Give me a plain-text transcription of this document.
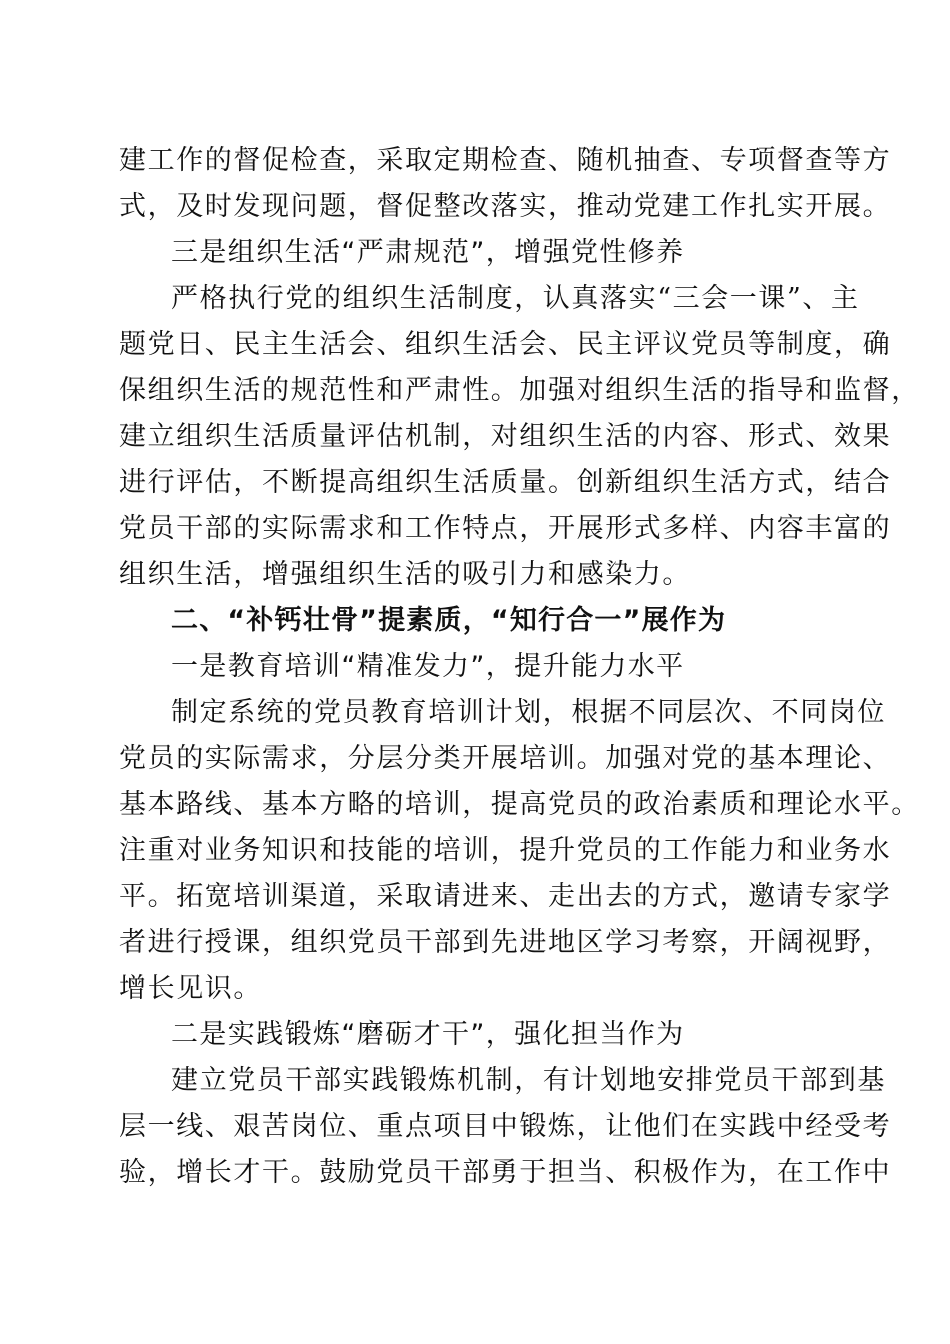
建工作的督促检查，采取定期检查、随机抽查、专项督查等方
式，及时发现问题，督促整改落实，推动党建工作扎实开展。
三是组织生活“严肃规范”，增强党性修养
严格执行党的组织生活制度，认真落实“三会一课”、主
题党日、民主生活会、组织生活会、民主评议党员等制度，确
保组织生活的规范性和严肃性。加强对组织生活的指导和监督，
建立组织生活质量评估机制，对组织生活的内容、形式、效果
进行评估，不断提高组织生活质量。创新组织生活方式，结合
党员干部的实际需求和工作特点，开展形式多样、内容丰富的
组织生活，增强组织生活的吸引力和感染力。
二、“补钙壮骨”提素质，“知行合一”展作为
一是教育培训“精准发力”，提升能力水平
制定系统的党员教育培训计划，根据不同层次、不同岗位
党员的实际需求，分层分类开展培训。加强对党的基本理论、
基本路线、基本方略的培训，提高党员的政治素质和理论水平。
注重对业务知识和技能的培训，提升党员的工作能力和业务水
平。拓宽培训渠道，采取请进来、走出去的方式，邀请专家学
者进行授课，组织党员干部到先进地区学习考察，开阔视野，
增长见识。
二是实践锻炼“磨砺才干”，强化担当作为
建立党员干部实践锻炼机制，有计划地安排党员干部到基
层一线、艰苦岗位、重点项目中锻炼，让他们在实践中经受考
验，增长才干。鼓励党员干部勇于担当、积极作为，在工作中
